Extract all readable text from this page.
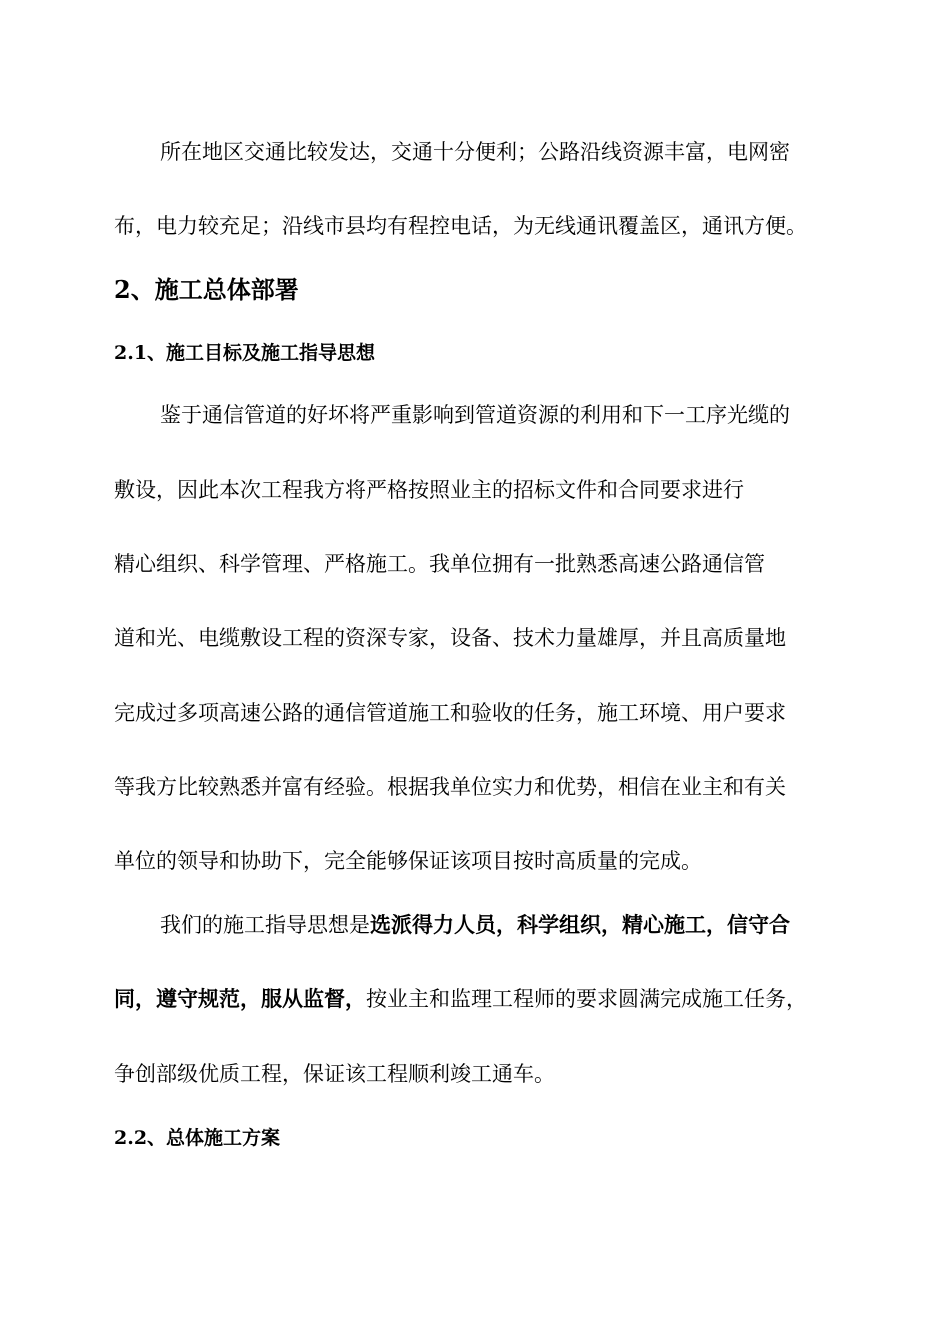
所在地区交通比较发达，交通十分便利；公路沿线资源丰富，电网密
布，电力较充足；沿线市县均有程控电话，为无线通讯覆盖区，通讯方便。
2、施工总体部署
2.1、施工目标及施工指导思想
鉴于通信管道的好坏将严重影响到管道资源的利用和下一工序光缆的
敷设，因此本次工程我方将严格按照业主的招标文件和合同要求进行
精心组织、科学管理、严格施工。我单位拥有一批熟悉高速公路通信管
道和光、电缆敷设工程的资深专家，设备、技术力量雄厚，并且高质量地
完成过多项高速公路的通信管道施工和验收的任务，施工环境、用户要求
等我方比较熟悉并富有经验。根据我单位实力和优势，相信在业主和有关
单位的领导和协助下，完全能够保证该项目按时高质量的完成。
我们的施工指导思想是选派得力人员，科学组织，精心施工，信守合
同，遵守规范，服从监督，按业主和监理工程师的要求圆满完成施工任务，
争创部级优质工程，保证该工程顺利竣工通车。
2.2、总体施工方案
